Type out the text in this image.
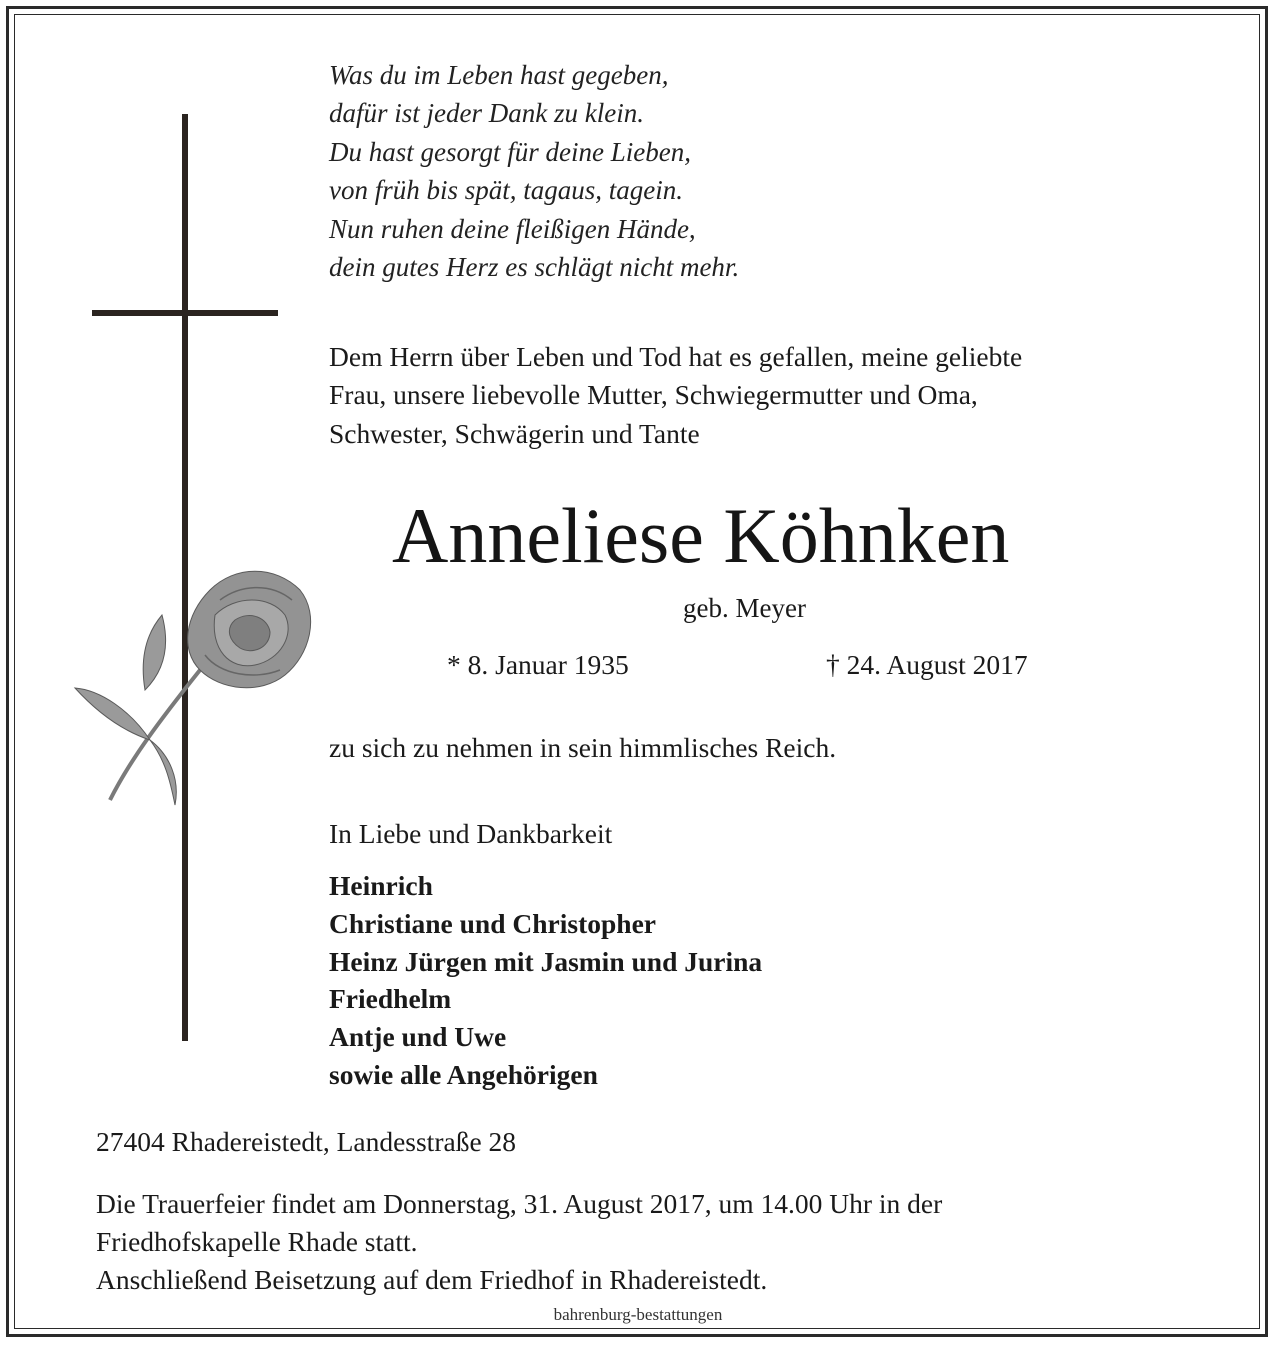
Was du im Leben hast gegeben,
dafür ist jeder Dank zu klein.
Du hast gesorgt für deine Lieben,
von früh bis spät, tagaus, tagein.
Nun ruhen deine fleißigen Hände,
dein gutes Herz es schlägt nicht mehr.
Dem Herrn über Leben und Tod hat es gefallen, meine geliebte
Frau, unsere liebevolle Mutter, Schwiegermutter und Oma,
Schwester, Schwägerin und Tante
Anneliese Köhnken
geb. Meyer
* 8. Januar 1935	† 24. August 2017
zu sich zu nehmen in sein himmlisches Reich.
In Liebe und Dankbarkeit
Heinrich
Christiane und Christopher
Heinz Jürgen mit Jasmin und Jurina
Friedhelm
Antje und Uwe
sowie alle Angehörigen
27404 Rhadereistedt, Landesstraße 28
Die Trauerfeier findet am Donnerstag, 31. August 2017, um 14.00 Uhr in der
Friedhofskapelle Rhade statt.
Anschließend Beisetzung auf dem Friedhof in Rhadereistedt.
bahrenburg-bestattungen
